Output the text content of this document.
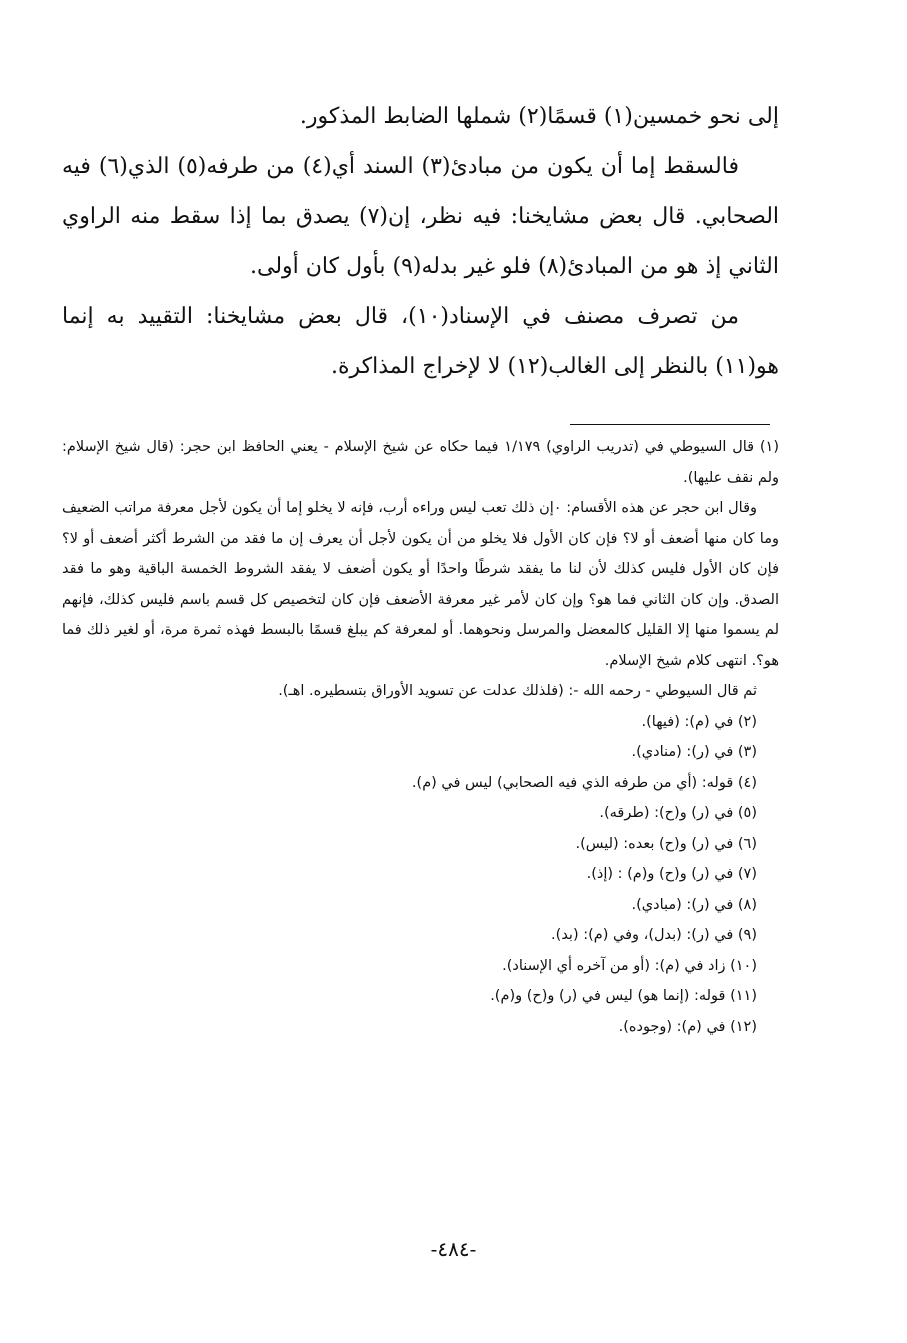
إلى نحو خمسين(١) قسمًا(٢) شملها الضابط المذكور.

فالسقط إما أن يكون من مبادئ(٣) السند أي(٤) من طرفه(٥) الذي(٦) فيه الصحابي. قال بعض مشايخنا: فيه نظر، إن(٧) يصدق بما إذا سقط منه الراوي الثاني إذ هو من المبادئ(٨) فلو غير بدله(٩) بأول كان أولى.

من تصرف مصنف في الإسناد(١٠)، قال بعض مشايخنا: التقييد به إنما هو(١١) بالنظر إلى الغالب(١٢) لا لإخراج المذاكرة.

(١) قال السيوطي في (تدريب الراوي) ١/١٧٩ فيما حكاه عن شيخ الإسلام - يعني الحافظ ابن حجر: (قال شيخ الإسلام: ولم نقف عليها).

وقال ابن حجر عن هذه الأقسام: ٠إن ذلك تعب ليس وراءه أرب، فإنه لا يخلو إما أن يكون لأجل معرفة مراتب الضعيف وما كان منها أضعف أو لا؟ فإن كان الأول فلا يخلو من أن يكون لأجل أن يعرف إن ما فقد من الشرط أكثر أضعف أو لا؟ فإن كان الأول فليس كذلك لأن لنا ما يفقد شرطًا واحدًا أو يكون أضعف لا يفقد الشروط الخمسة الباقية وهو ما فقد الصدق. وإن كان الثاني فما هو؟ وإن كان لأمر غير معرفة الأضعف فإن كان لتخصيص كل قسم باسم فليس كذلك، فإنهم لم يسموا منها إلا القليل كالمعضل والمرسل ونحوهما. أو لمعرفة كم يبلغ قسمًا بالبسط فهذه ثمرة مرة، أو لغير ذلك فما هو؟. انتهى كلام شيخ الإسلام.

ثم قال السيوطي - رحمه الله -: (فلذلك عدلت عن تسويد الأوراق بتسطيره. اهـ).

(٢) في (م): (فيها).

(٣) في (ر): (منادي).

(٤) قوله: (أي من طرفه الذي فيه الصحابي) ليس في (م).

(٥) في (ر) و(ح): (طرقه).

(٦) في (ر) و(ح) بعده: (ليس).

(٧) في (ر) و(ح) و(م) : (إذ).

(٨) في (ر): (مبادي).

(٩) في (ر): (بدل)، وفي (م): (بد).

(١٠) زاد في (م): (أو من آخره أي الإسناد).

(١١) قوله: (إنما هو) ليس في (ر) و(ح) و(م).

(١٢) في (م): (وجوده).

-٤٨٤-
